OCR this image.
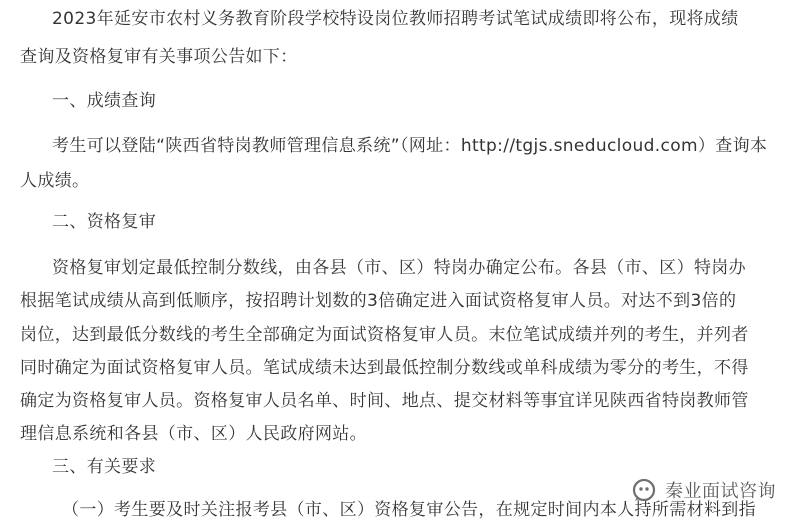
2023年延安市农村义务教育阶段学校特设岗位教师招聘考试笔试成绩即将公布，现将成绩
查询及资格复审有关事项公告如下：
一、成绩查询
考生可以登陆“陕西省特岗教师管理信息系统”（网址：http://tgjs.sneducloud.com）查询本
人成绩。
二、资格复审
资格复审划定最低控制分数线，由各县（市、区）特岗办确定公布。各县（市、区）特岗办
根据笔试成绩从高到低顺序，按招聘计划数的3倍确定进入面试资格复审人员。对达不到3倍的
岗位，达到最低分数线的考生全部确定为面试资格复审人员。末位笔试成绩并列的考生，并列者
同时确定为面试资格复审人员。笔试成绩未达到最低控制分数线或单科成绩为零分的考生，不得
确定为资格复审人员。资格复审人员名单、时间、地点、提交材料等事宜详见陕西省特岗教师管
理信息系统和各县（市、区）人民政府网站。
三、有关要求
（一）考生要及时关注报考县（市、区）资格复审公告，在规定时间内本人持所需材料到指
秦业面试咨询
